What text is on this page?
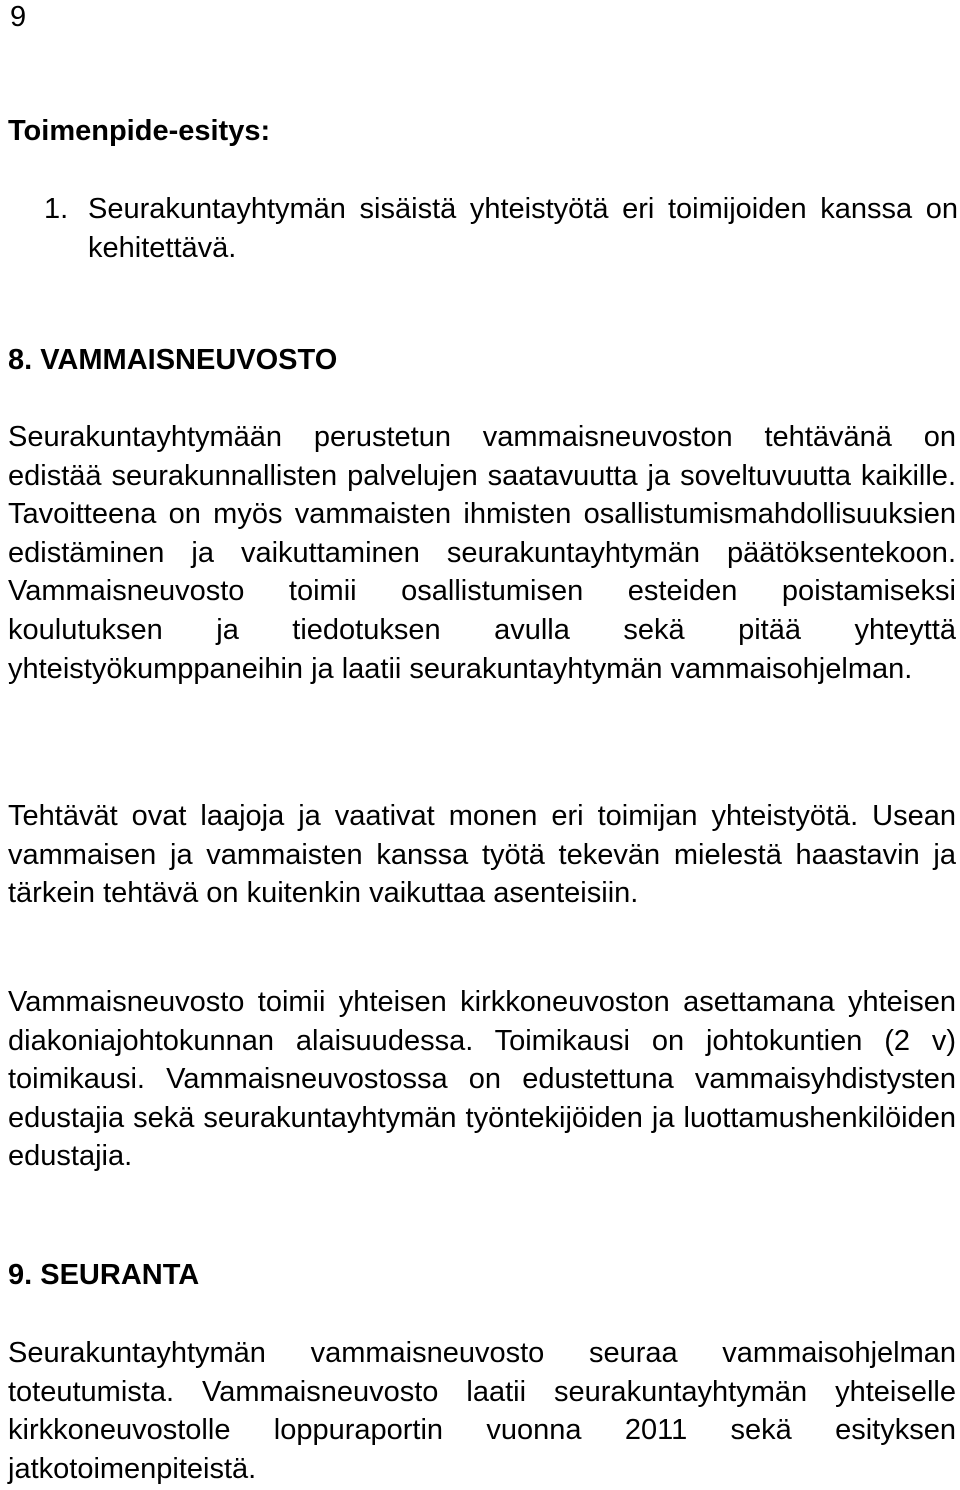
9
Toimenpide-esitys:
1. Seurakuntayhtymän sisäistä yhteistyötä eri toimijoiden kanssa on kehitettävä.
8. VAMMAISNEUVOSTO

Seurakuntayhtymään perustetun vammaisneuvoston tehtävänä on edistää seurakunnallisten palvelujen saatavuutta ja soveltuvuutta kaikille. Tavoitteena on myös vammaisten ihmisten osallistumismahdollisuuksien edistäminen ja vaikuttaminen seurakuntayhtymän päätöksentekoon. Vammaisneuvosto toimii osallistumisen esteiden poistamiseksi koulutuksen ja tiedotuksen avulla sekä pitää yhteyttä yhteistyökumppaneihin ja laatii seurakuntayhtymän vammaisohjelman.

Tehtävät ovat laajoja ja vaativat monen eri toimijan yhteistyötä. Usean vammaisen ja vammaisten kanssa työtä tekevän mielestä haastavin ja tärkein tehtävä on kuitenkin vaikuttaa asenteisiin.

Vammaisneuvosto toimii yhteisen kirkkoneuvoston asettamana yhteisen diakoniajohtokunnan alaisuudessa. Toimikausi on johtokuntien (2 v) toimikausi. Vammaisneuvostossa on edustettuna vammaisyhdistysten edustajia sekä seurakuntayhtymän työntekijöiden ja luottamushenkilöiden edustajia.

9. SEURANTA

Seurakuntayhtymän vammaisneuvosto seuraa vammaisohjelman toteutumista. Vammaisneuvosto laatii seurakuntayhtymän yhteiselle kirkkoneuvostolle loppuraportin vuonna 2011 sekä esityksen jatkotoimenpiteistä.
